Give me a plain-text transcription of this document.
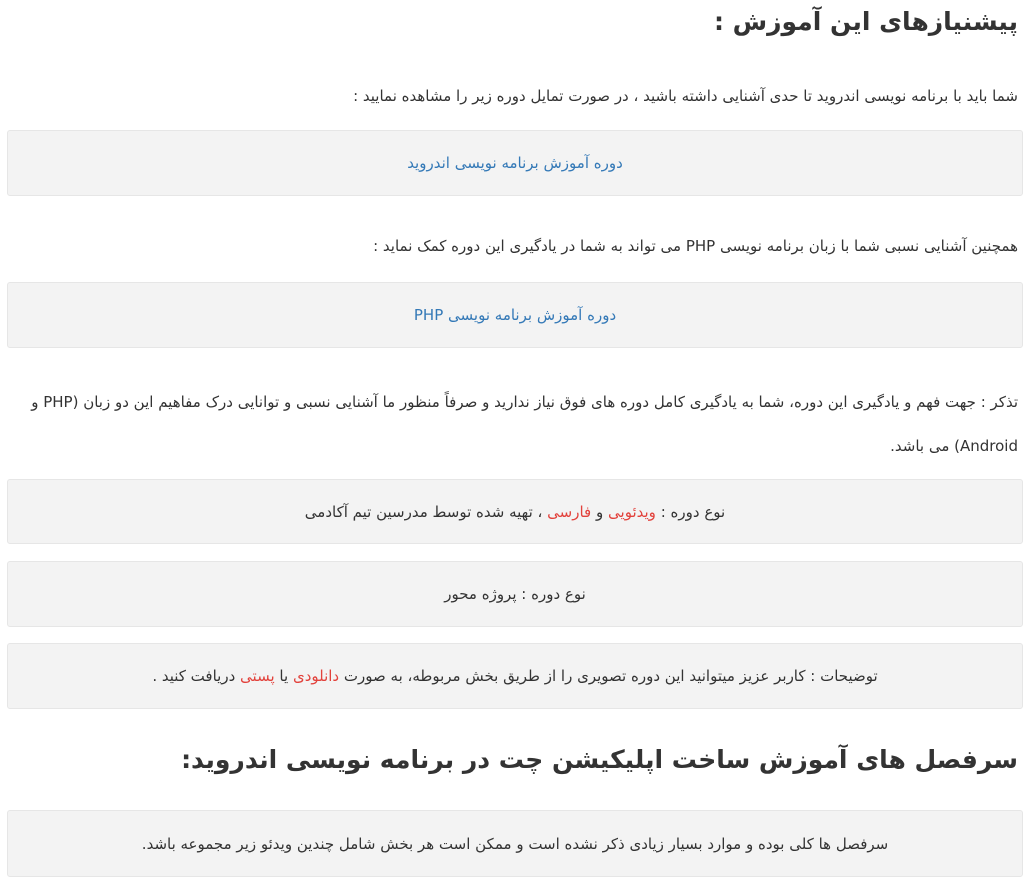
پیشنیازهای این آموزش :

شما باید با برنامه نویسی اندروید تا حدی آشنایی داشته باشید ، در صورت تمایل دوره زیر را مشاهده نمایید :

دوره آموزش برنامه نویسی اندروید

همچنین آشنایی نسبی شما با زبان برنامه نویسی PHP می تواند به شما در یادگیری این دوره کمک نماید :

دوره آموزش برنامه نویسی PHP

تذکر : جهت فهم و یادگیری این دوره، شما به یادگیری کامل دوره های فوق نیاز ندارید و صرفاً منظور ما آشنایی نسبی و توانایی درک مفاهیم این دو زبان (PHP و Android) می باشد.

نوع دوره :

ویدئویی

و

فارسی

، تهیه شده توسط مدرسین تیم آکادمی
نوع دوره : پروژه محور
توضیحات : کاربر عزیز میتوانید این دوره تصویری را از طریق بخش مربوطه، به صورت

دانلودی

یا

پستی

دریافت کنید .
سرفصل های آموزش ساخت اپلیکیشن چت در برنامه نویسی اندروید:
سرفصل ها کلی بوده و موارد بسیار زیادی ذکر نشده است و ممکن است هر بخش شامل چندین ویدئو زیر مجموعه باشد.
